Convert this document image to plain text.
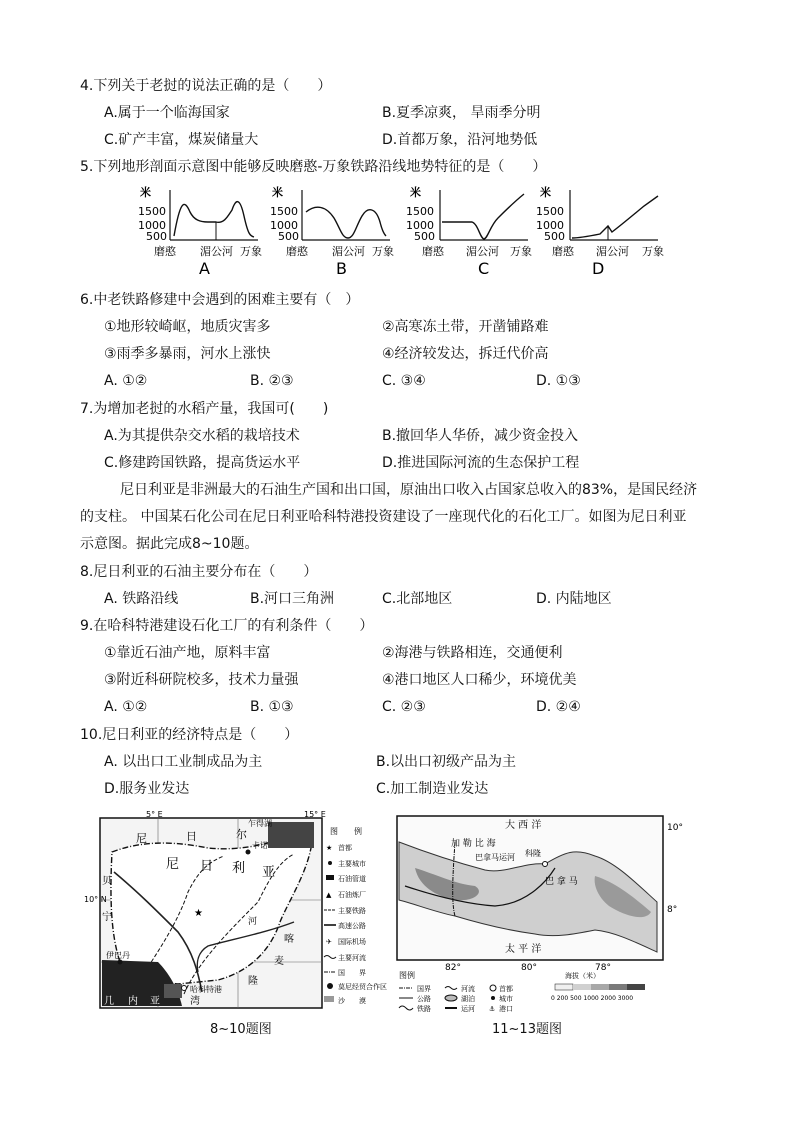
4.下列关于老挝的说法正确的是（　　）
A.属于一个临海国家	B.夏季凉爽， 旱雨季分明
C.矿产丰富，煤炭储量大	D.首都万象，沿河地势低
5.下列地形剖面示意图中能够反映磨憨-万象铁路沿线地势特征的是（　　）
米
1500
1000
500
磨憨 湄公河 万象
A
米
1500
1000
500
磨憨 湄公河 万象
B
米
1500
1000
500
磨憨 湄公河 万象
C
米
1500
1000
500
磨憨 湄公河 万象
D
6.中老铁路修建中会遇到的困难主要有（　）
①地形较崎岖，地质灾害多	②高寒冻土带，开凿铺路难
③雨季多暴雨，河水上涨快	④经济较发达，拆迁代价高
A. ①②	B. ②③	C. ③④	D. ①③
7.为增加老挝的水稻产量，我国可(　　)
A.为其提供杂交水稻的栽培技术	B.撤回华人华侨，减少资金投入
C.修建跨国铁路，提高货运水平	D.推进国际河流的生态保护工程
尼日利亚是非洲最大的石油生产国和出口国，原油出口收入占国家总收入的83%，是国民经济的支柱。 中国某石化公司在尼日利亚哈科特港投资建设了一座现代化的石化工厂。如图为尼日利亚示意图。据此完成8~10题。
8.尼日利亚的石油主要分布在（　　）
A. 铁路沿线	B.河口三角洲	C.北部地区	D. 内陆地区
9.在哈科特港建设石化工厂的有利条件（　　）
①靠近石油产地，原料丰富	②海港与铁路相连，交通便利
③附近科研院校多，技术力量强	④港口地区人口稀少，环境优美
A. ①②	B. ①③	C. ②③	D. ②④
10.尼日利亚的经济特点是（　　）
A. 以出口工业制成品为主	B.以出口初级产品为主
D.服务业发达	C.加工制造业发达
5° E	15° E
10° N
乍得湖
尼	日	尔
尼 日 利 亚
贝
宁	河
喀
麦
隆
几 内 亚	湾
卡诺
伊巴丹
哈科特港
★
图　　例
★ 首都
主要城市
石油管道
▲ 石油炼厂
主要铁路
高速公路
✈ 国际机场
主要河流
国　　界
莫尼经贸合作区
沙　　漠
8~10题图
10°
8°
82°	80°	78°
大 西 洋
加 勒 比 海
巴拿马运河 科隆
巴 拿 马
太 平 洋
图例
国界
公路
铁路
河流
湖泊
运河
首都
城市
⚓ 港口
海拔（米）
0 200 500 1000 2000 3000
11~13题图
